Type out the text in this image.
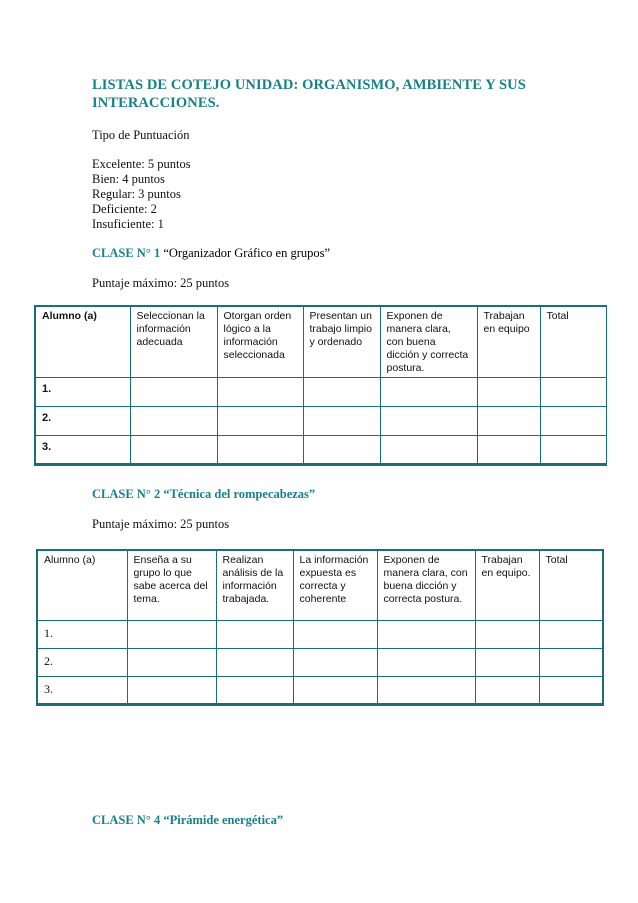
LISTAS DE COTEJO UNIDAD: ORGANISMO, AMBIENTE Y SUS INTERACCIONES.
Tipo de Puntuación
Excelente: 5 puntos
Bien: 4 puntos
Regular: 3 puntos
Deficiente: 2
Insuficiente: 1
CLASE N° 1 “Organizador Gráfico en grupos”
Puntaje máximo: 25 puntos
Alumno (a)	Seleccionan la información adecuada	Otorgan orden lógico a la información seleccionada	Presentan un trabajo limpio y ordenado	Exponen de manera clara, con buena dicción y correcta postura.	Trabajan en equipo	Total
1.						
2.						
3.						
CLASE N° 2 “Técnica del rompecabezas”
Puntaje máximo: 25 puntos
Alumno (a)	Enseña a su grupo lo que sabe acerca del tema.	Realizan análisis de la información trabajada.	La información expuesta es correcta y coherente	Exponen de manera clara, con buena dicción y correcta postura.	Trabajan en equipo.	Total
1.						
2.						
3.						
CLASE N° 4 “Pirámide energética”
